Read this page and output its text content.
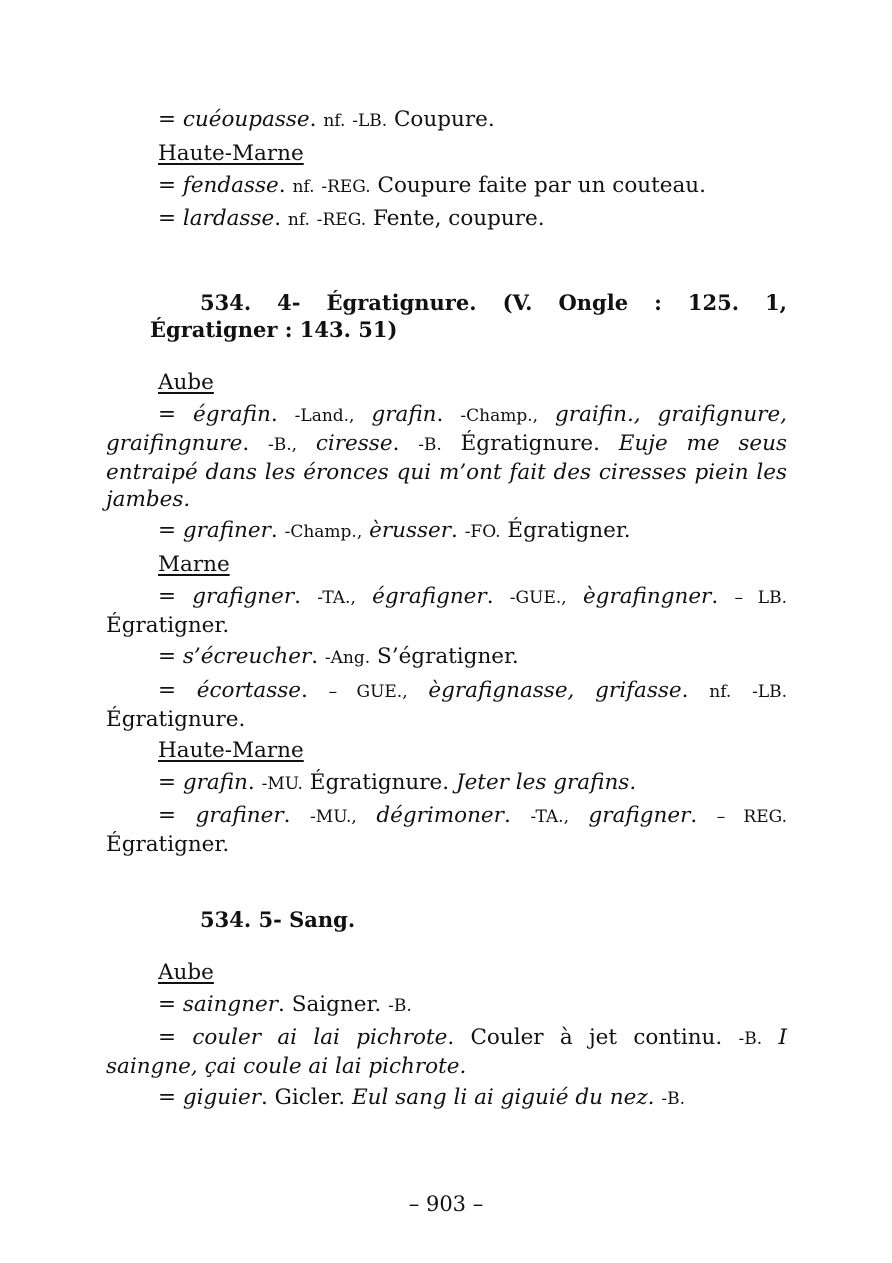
= cuéoupasse. nf. -LB. Coupure.
Haute-Marne
= fendasse. nf. -REG. Coupure faite par un couteau.
= lardasse. nf. -REG. Fente, coupure.
534. 4- Égratignure. (V. Ongle : 125. 1, Égratigner : 143. 51)
Aube

= égrafin. -Land., grafin. -Champ., graifin., graifignure, graifingnure. -B., ciresse. -B. Égratignure. Euje me seus entraipé dans les éronces qui m’ont fait des ciresses piein les jambes.

= grafiner. -Champ., èrusser. -FO. Égratigner.
Marne

= grafigner. -TA., égrafigner. -GUE., ègrafingner. – LB. Égratigner.

= s’écreucher. -Ang. S’égratigner.

= écortasse. – GUE., ègrafignasse, grifasse. nf. -LB. Égratignure.

Haute-Marne
= grafin. -MU. Égratignure. Jeter les grafins.

= grafiner. -MU., dégrimoner. -TA., grafigner. – REG. Égratigner.

534. 5- Sang.
Aube
= saingner. Saigner. -B.

= couler ai lai pichrote. Couler à jet continu. -B. I saingne, çai coule ai lai pichrote.

= giguier. Gicler. Eul sang li ai giguié du nez. -B.
– 903 –
